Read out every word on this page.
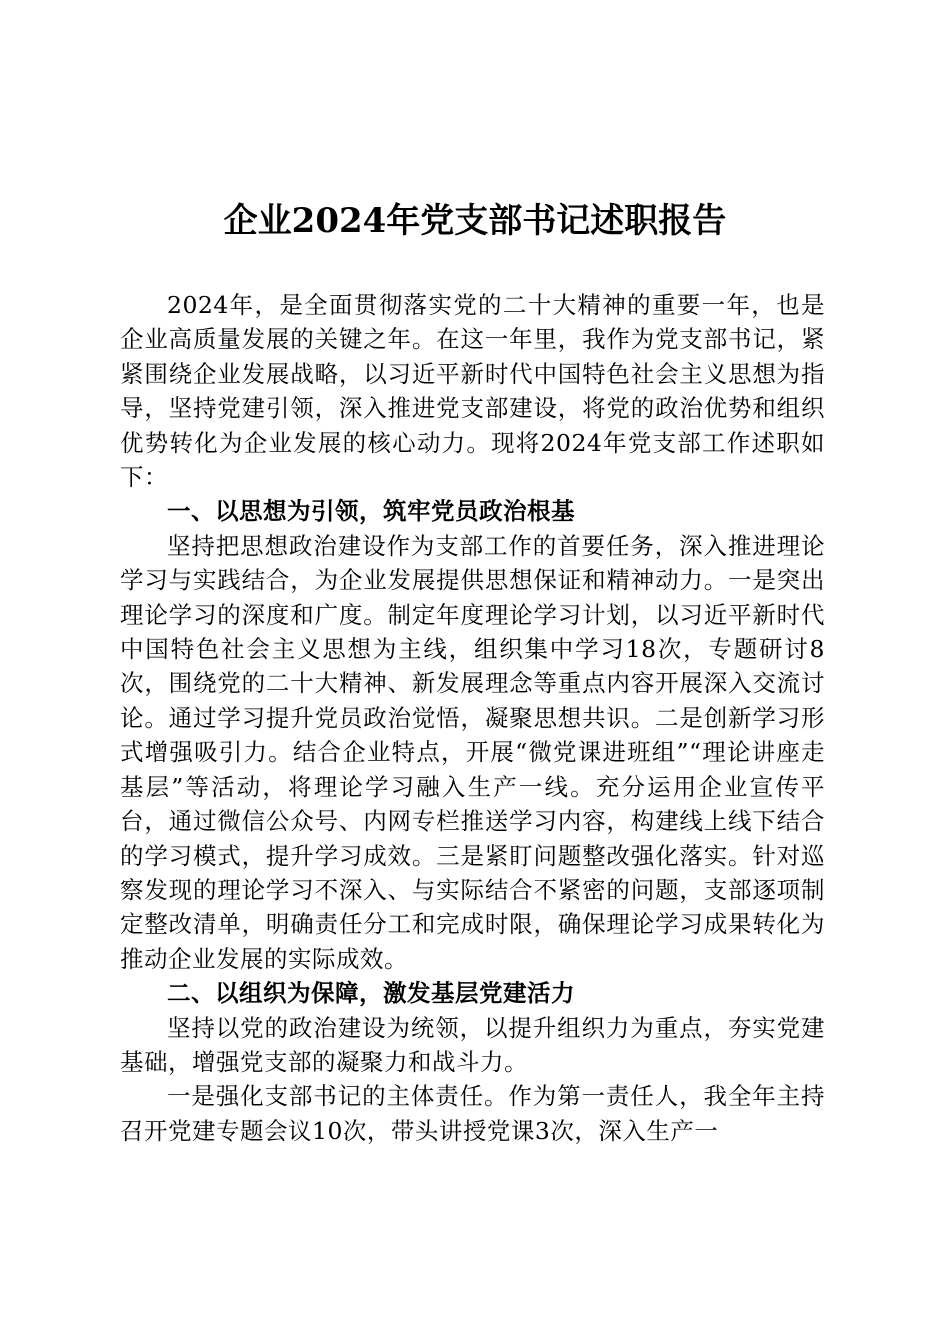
企业2024年党支部书记述职报告

2024年，是全面贯彻落实党的二十大精神的重要一年，也是企业高质量发展的关键之年。在这一年里，我作为党支部书记，紧紧围绕企业发展战略，以习近平新时代中国特色社会主义思想为指导，坚持党建引领，深入推进党支部建设，将党的政治优势和组织优势转化为企业发展的核心动力。现将2024年党支部工作述职如下：

一、以思想为引领，筑牢党员政治根基

坚持把思想政治建设作为支部工作的首要任务，深入推进理论学习与实践结合，为企业发展提供思想保证和精神动力。一是突出理论学习的深度和广度。制定年度理论学习计划，以习近平新时代中国特色社会主义思想为主线，组织集中学习18次，专题研讨8次，围绕党的二十大精神、新发展理念等重点内容开展深入交流讨论。通过学习提升党员政治觉悟，凝聚思想共识。二是创新学习形式增强吸引力。结合企业特点，开展“微党课进班组”“理论讲座走基层”等活动，将理论学习融入生产一线。充分运用企业宣传平台，通过微信公众号、内网专栏推送学习内容，构建线上线下结合的学习模式，提升学习成效。三是紧盯问题整改强化落实。针对巡察发现的理论学习不深入、与实际结合不紧密的问题，支部逐项制定整改清单，明确责任分工和完成时限，确保理论学习成果转化为推动企业发展的实际成效。

二、以组织为保障，激发基层党建活力

坚持以党的政治建设为统领，以提升组织力为重点，夯实党建基础，增强党支部的凝聚力和战斗力。

一是强化支部书记的主体责任。作为第一责任人，我全年主持召开党建专题会议10次，带头讲授党课3次，深入生产一
